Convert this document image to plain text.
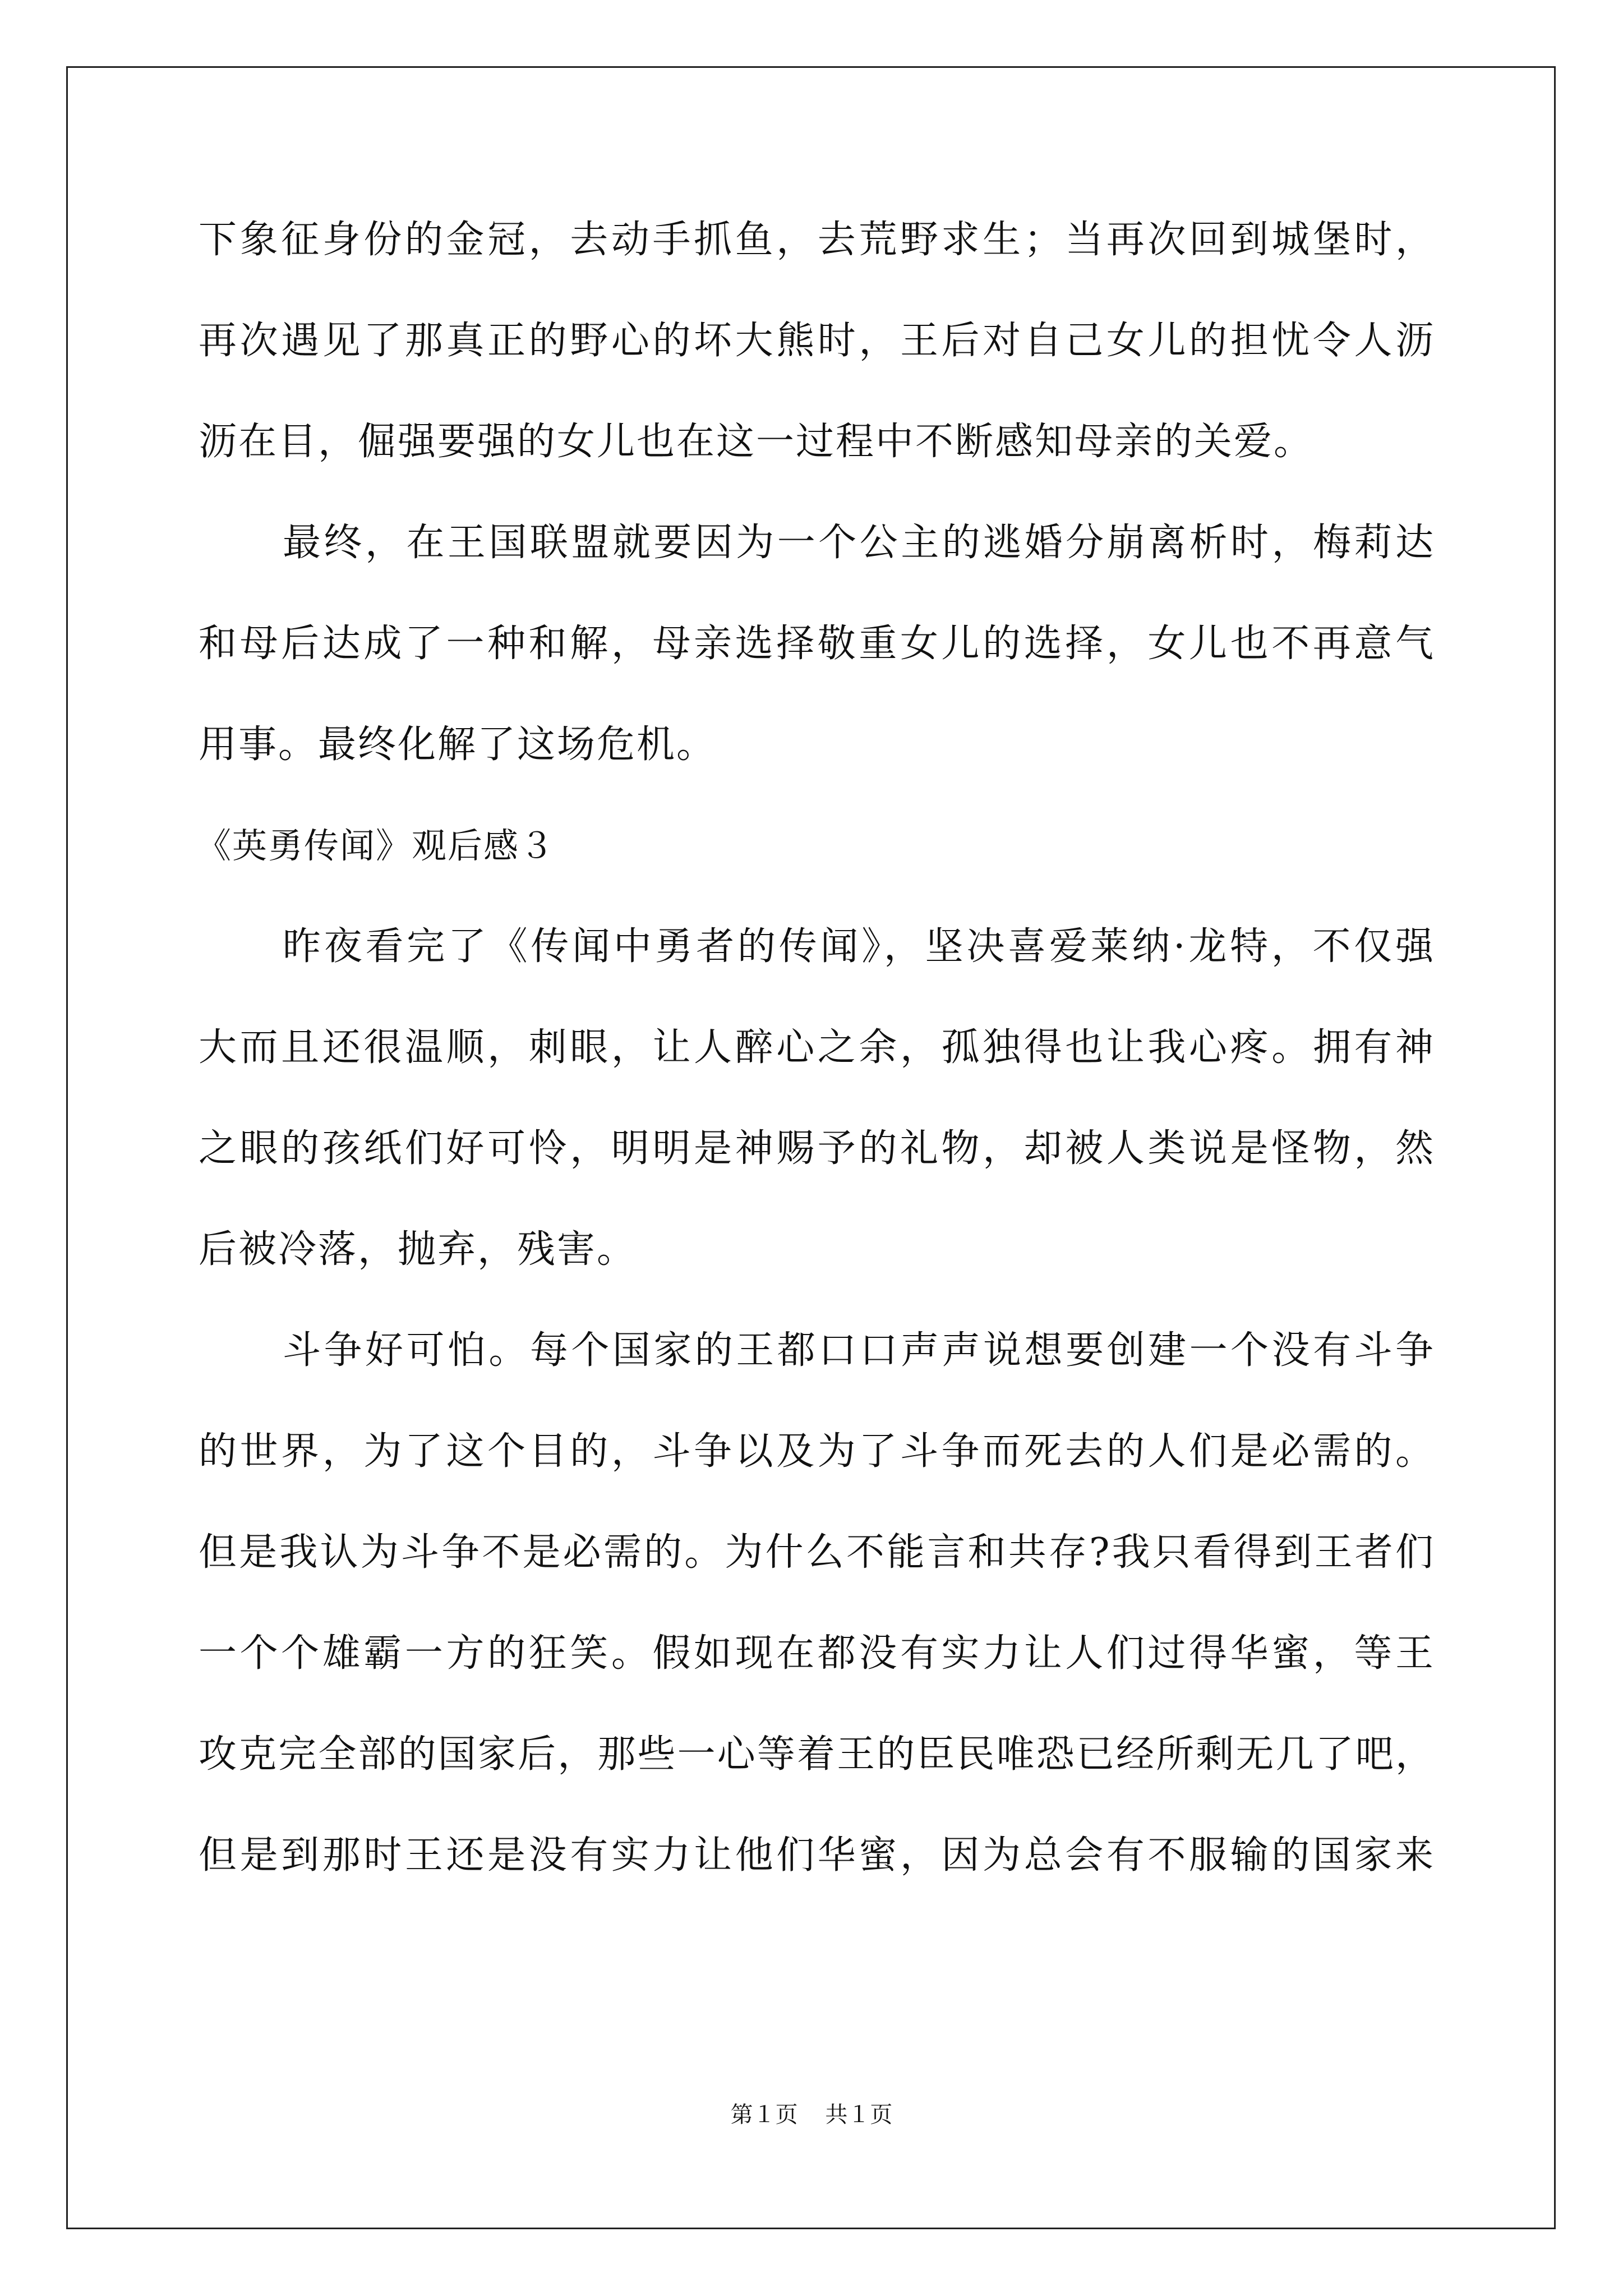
下象征身份的金冠，去动手抓鱼，去荒野求生；当再次回到城堡时，
再次遇见了那真正的野心的坏大熊时，王后对自己女儿的担忧令人沥
沥在目，倔强要强的女儿也在这一过程中不断感知母亲的关爱。
最终，在王国联盟就要因为一个公主的逃婚分崩离析时，梅莉达
和母后达成了一种和解，母亲选择敬重女儿的选择，女儿也不再意气
用事。最终化解了这场危机。
《英勇传闻》观后感３
昨夜看完了《传闻中勇者的传闻》，坚决喜爱莱纳·龙特，不仅强
大而且还很温顺，刺眼，让人醉心之余，孤独得也让我心疼。拥有神
之眼的孩纸们好可怜，明明是神赐予的礼物，却被人类说是怪物，然
后被冷落，抛弃，残害。
斗争好可怕。每个国家的王都口口声声说想要创建一个没有斗争
的世界，为了这个目的，斗争以及为了斗争而死去的人们是必需的。
但是我认为斗争不是必需的。为什么不能言和共存?我只看得到王者们
一个个雄霸一方的狂笑。假如现在都没有实力让人们过得华蜜，等王
攻克完全部的国家后，那些一心等着王的臣民唯恐已经所剩无几了吧，
但是到那时王还是没有实力让他们华蜜，因为总会有不服输的国家来
第１页 共１页
